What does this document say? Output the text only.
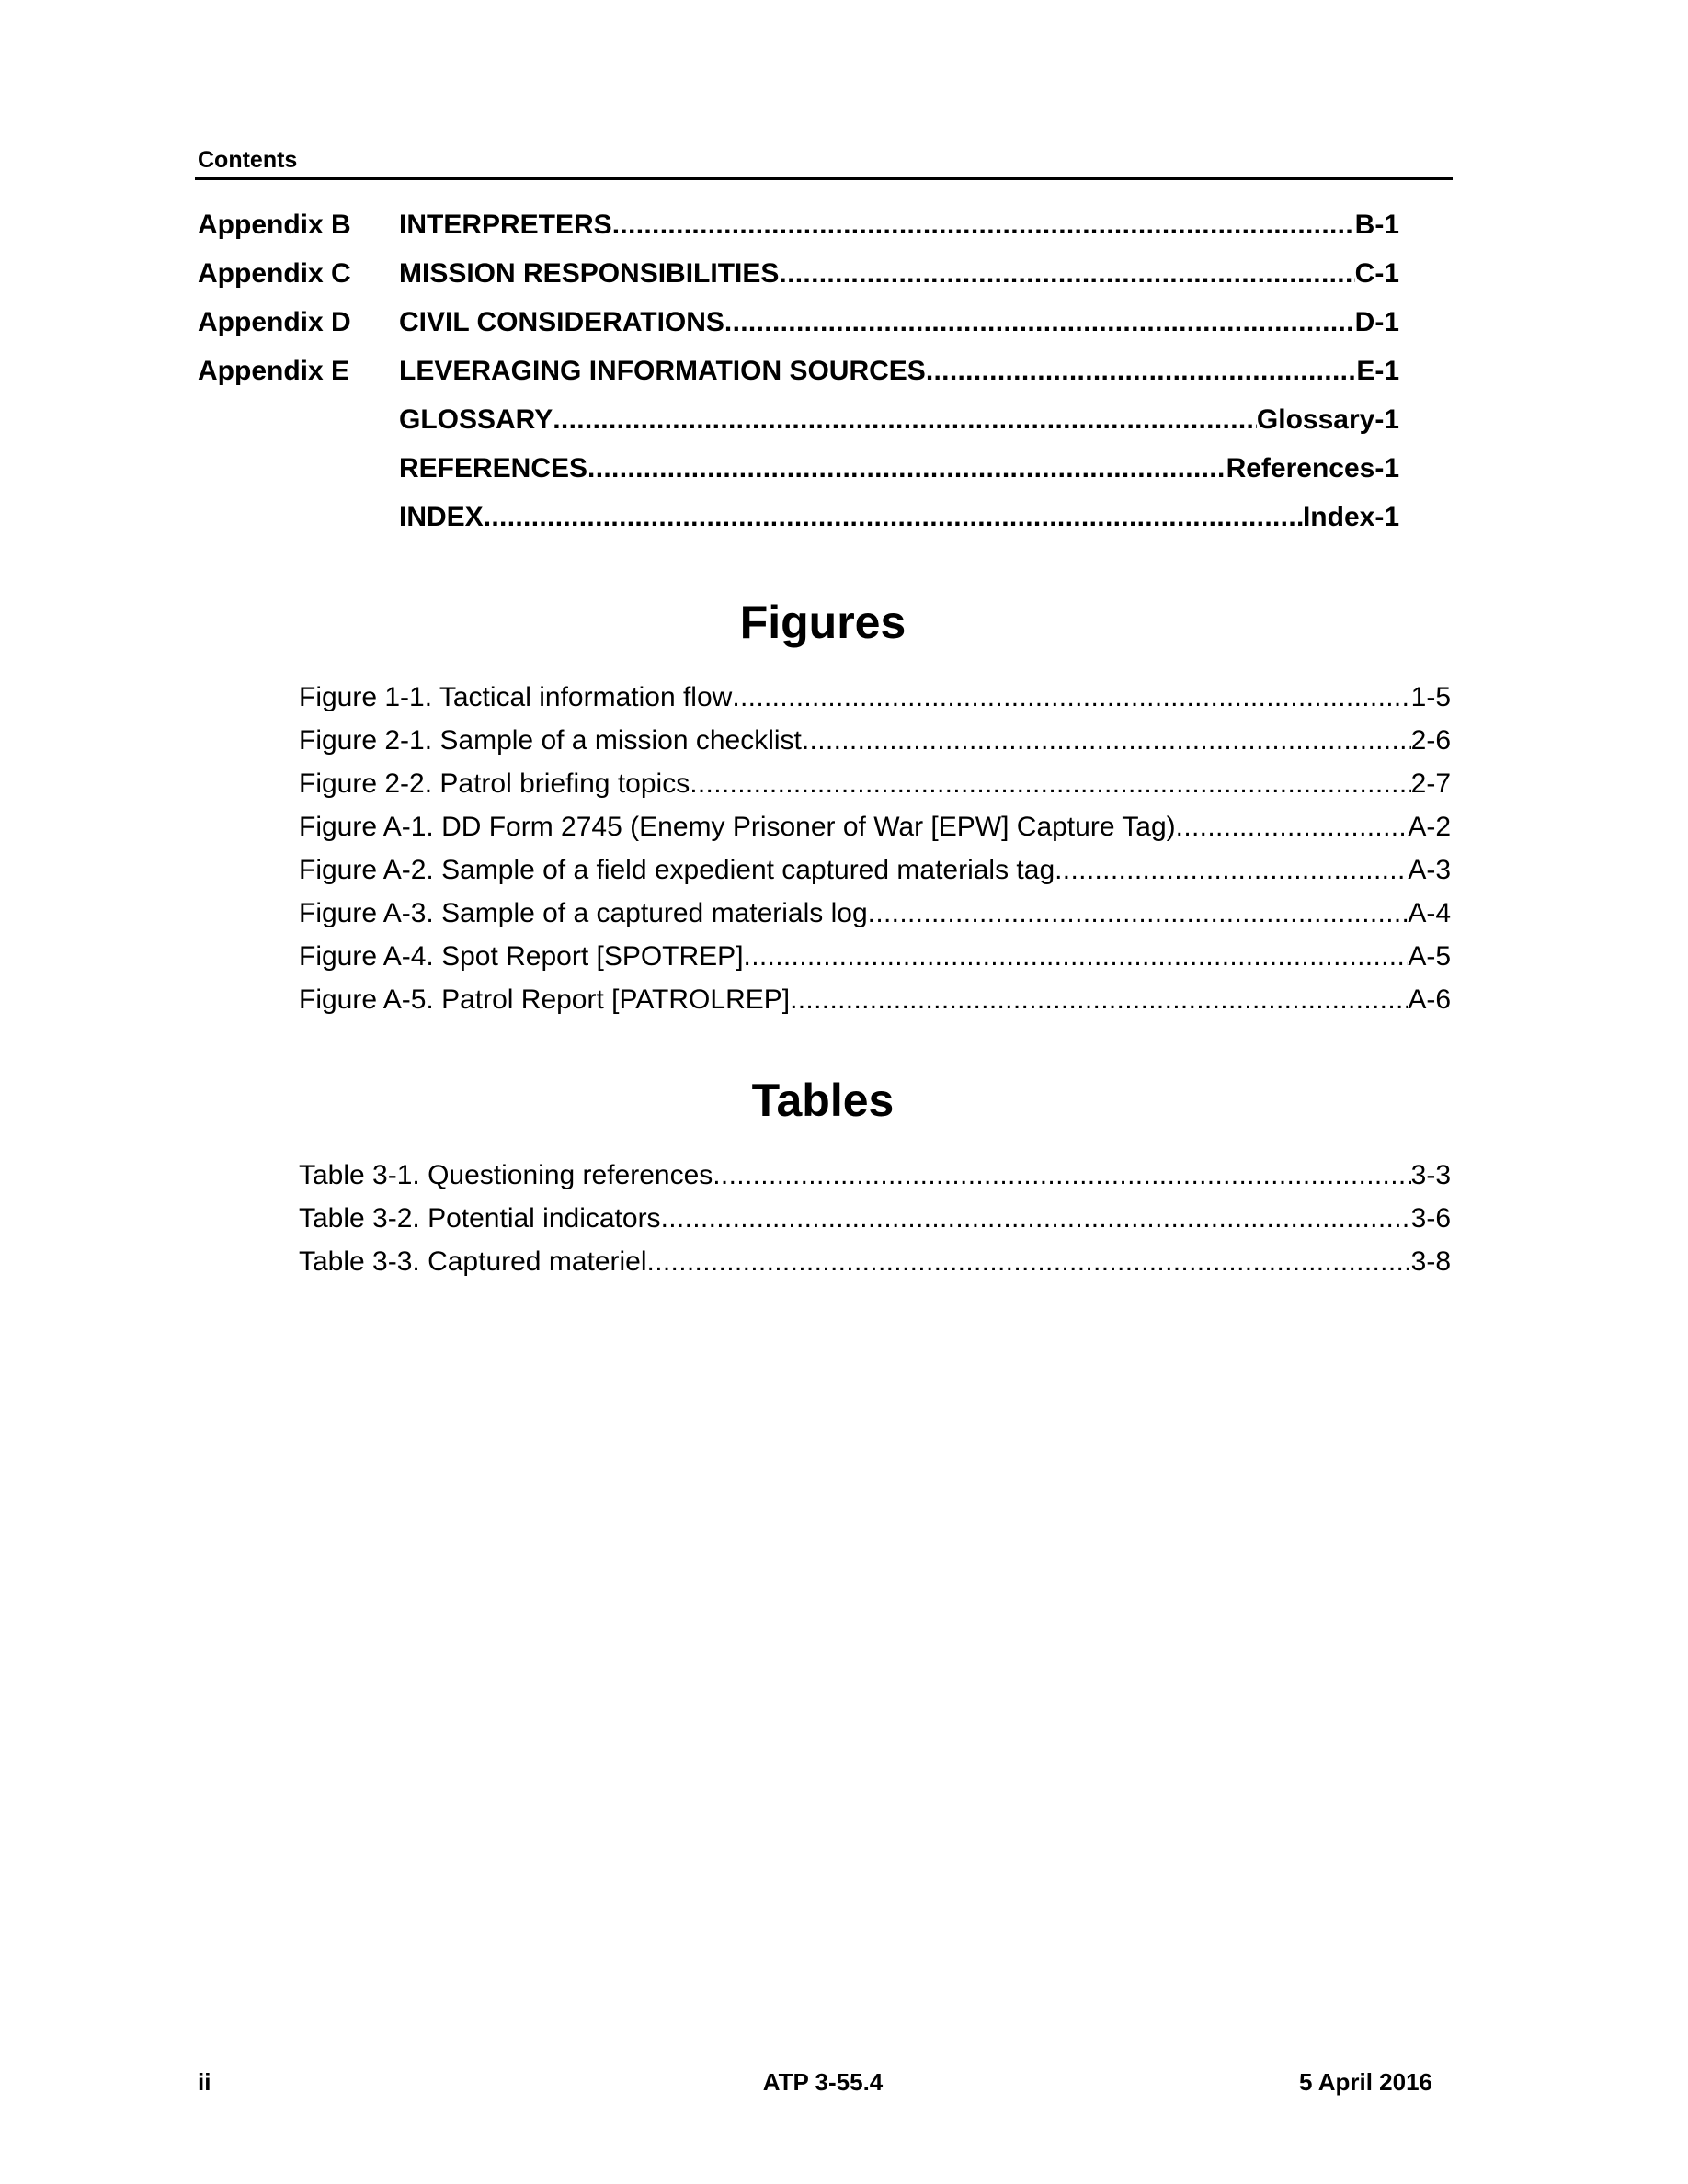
Contents
Appendix B	INTERPRETERS . . .	B-1
Appendix C	MISSION RESPONSIBILITIES . . .	C-1
Appendix D	CIVIL CONSIDERATIONS . . .	D-1
Appendix E	LEVERAGING INFORMATION SOURCES . . .	E-1
GLOSSARY . . .	Glossary-1
REFERENCES . . .	References-1
INDEX . . .	Index-1
Figures
Figure 1-1. Tactical information flow . . .	1-5
Figure 2-1. Sample of a mission checklist . . .	2-6
Figure 2-2. Patrol briefing topics . . .	2-7
Figure A-1. DD Form 2745 (Enemy Prisoner of War [EPW] Capture Tag) . . .	A-2
Figure A-2. Sample of a field expedient captured materials tag . . .	A-3
Figure A-3. Sample of a captured materials log . . .	A-4
Figure A-4. Spot Report [SPOTREP] . . .	A-5
Figure A-5. Patrol Report [PATROLREP] . . .	A-6
Tables
Table 3-1. Questioning references . . .	3-3
Table 3-2. Potential indicators . . .	3-6
Table 3-3. Captured materiel . . .	3-8
ii	ATP 3-55.4	5 April 2016
